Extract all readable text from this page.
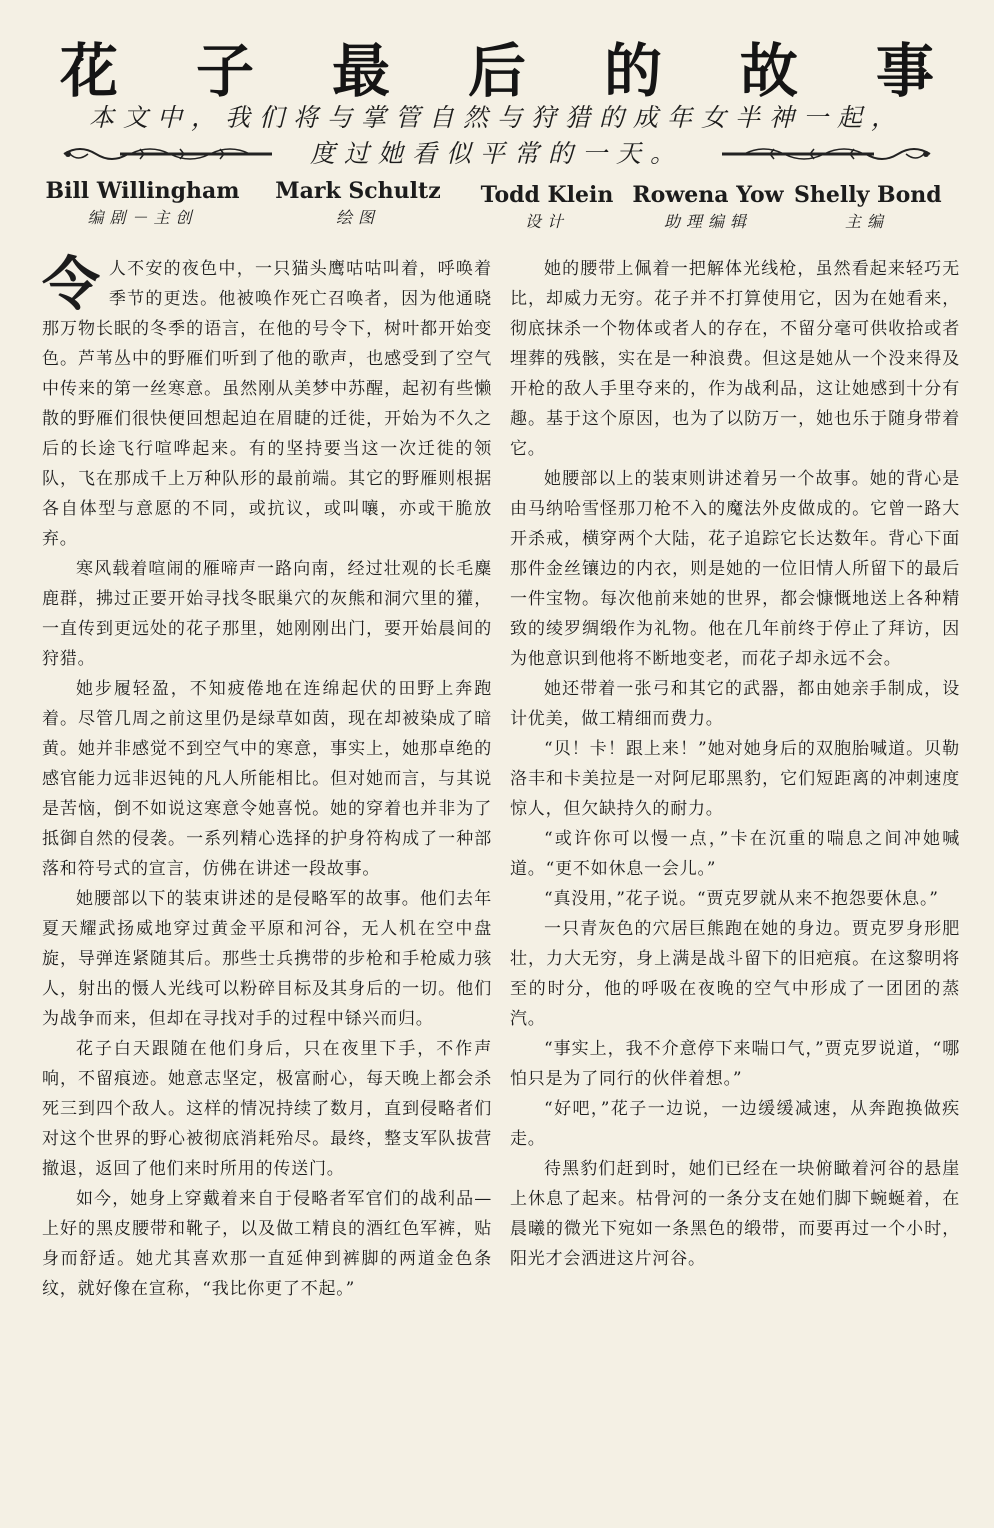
花 子 最 后 的 故 事
本文中，我们将与掌管自然与狩猎的成年女半神一起，
度过她看似平常的一天。
Bill Willingham
编剧－主创
Mark Schultz
绘图
Todd Klein
设计
Rowena Yow
助理编辑
Shelly Bond
主编

令人不安的夜色中，一只猫头鹰咕咕叫着，呼唤着季节的更迭。他被唤作死亡召唤者，因为他通晓那万物长眠的冬季的语言，在他的号令下，树叶都开始变色。芦苇丛中的野雁们听到了他的歌声，也感受到了空气中传来的第一丝寒意。虽然刚从美梦中苏醒，起初有些懒散的野雁们很快便回想起迫在眉睫的迁徙，开始为不久之后的长途飞行喧哗起来。有的坚持要当这一次迁徙的领队，飞在那成千上万种队形的最前端。其它的野雁则根据各自体型与意愿的不同，或抗议，或叫嚷，亦或干脆放弃。

寒风载着喧闹的雁啼声一路向南，经过壮观的长毛麋鹿群，拂过正要开始寻找冬眠巢穴的灰熊和洞穴里的獾，一直传到更远处的花子那里，她刚刚出门，要开始晨间的狩猎。

她步履轻盈，不知疲倦地在连绵起伏的田野上奔跑着。尽管几周之前这里仍是绿草如茵，现在却被染成了暗黄。她并非感觉不到空气中的寒意，事实上，她那卓绝的感官能力远非迟钝的凡人所能相比。但对她而言，与其说是苦恼，倒不如说这寒意令她喜悦。她的穿着也并非为了抵御自然的侵袭。一系列精心选择的护身符构成了一种部落和符号式的宣言，仿佛在讲述一段故事。

她腰部以下的装束讲述的是侵略军的故事。他们去年夏天耀武扬威地穿过黄金平原和河谷，无人机在空中盘旋，导弹连紧随其后。那些士兵携带的步枪和手枪威力骇人，射出的慑人光线可以粉碎目标及其身后的一切。他们为战争而来，但却在寻找对手的过程中铩兴而归。

花子白天跟随在他们身后，只在夜里下手，不作声响，不留痕迹。她意志坚定，极富耐心，每天晚上都会杀死三到四个敌人。这样的情况持续了数月，直到侵略者们对这个世界的野心被彻底消耗殆尽。最终，整支军队拔营撤退，返回了他们来时所用的传送门。

如今，她身上穿戴着来自于侵略者军官们的战利品—上好的黑皮腰带和靴子，以及做工精良的酒红色军裤，贴身而舒适。她尤其喜欢那一直延伸到裤脚的两道金色条纹，就好像在宣称，“我比你更了不起。”

她的腰带上佩着一把解体光线枪，虽然看起来轻巧无比，却威力无穷。花子并不打算使用它，因为在她看来，彻底抹杀一个物体或者人的存在，不留分毫可供收拾或者埋葬的残骸，实在是一种浪费。但这是她从一个没来得及开枪的敌人手里夺来的，作为战利品，这让她感到十分有趣。基于这个原因，也为了以防万一，她也乐于随身带着它。

她腰部以上的装束则讲述着另一个故事。她的背心是由马纳哈雪怪那刀枪不入的魔法外皮做成的。它曾一路大开杀戒，横穿两个大陆，花子追踪它长达数年。背心下面那件金丝镶边的内衣，则是她的一位旧情人所留下的最后一件宝物。每次他前来她的世界，都会慷慨地送上各种精致的绫罗绸缎作为礼物。他在几年前终于停止了拜访，因为他意识到他将不断地变老，而花子却永远不会。

她还带着一张弓和其它的武器，都由她亲手制成，设计优美，做工精细而费力。

“贝！卡！跟上来！”她对她身后的双胞胎喊道。贝勒洛丰和卡美拉是一对阿尼耶黑豹，它们短距离的冲刺速度惊人，但欠缺持久的耐力。

“或许你可以慢一点，”卡在沉重的喘息之间冲她喊道。“更不如休息一会儿。”

“真没用，”花子说。“贾克罗就从来不抱怨要休息。”

一只青灰色的穴居巨熊跑在她的身边。贾克罗身形肥壮，力大无穷，身上满是战斗留下的旧疤痕。在这黎明将至的时分，他的呼吸在夜晚的空气中形成了一团团的蒸汽。

“事实上，我不介意停下来喘口气，”贾克罗说道，“哪怕只是为了同行的伙伴着想。”

“好吧，”花子一边说，一边缓缓减速，从奔跑换做疾走。

待黑豹们赶到时，她们已经在一块俯瞰着河谷的悬崖上休息了起来。枯骨河的一条分支在她们脚下蜿蜒着，在晨曦的微光下宛如一条黑色的缎带，而要再过一个小时，阳光才会洒进这片河谷。
